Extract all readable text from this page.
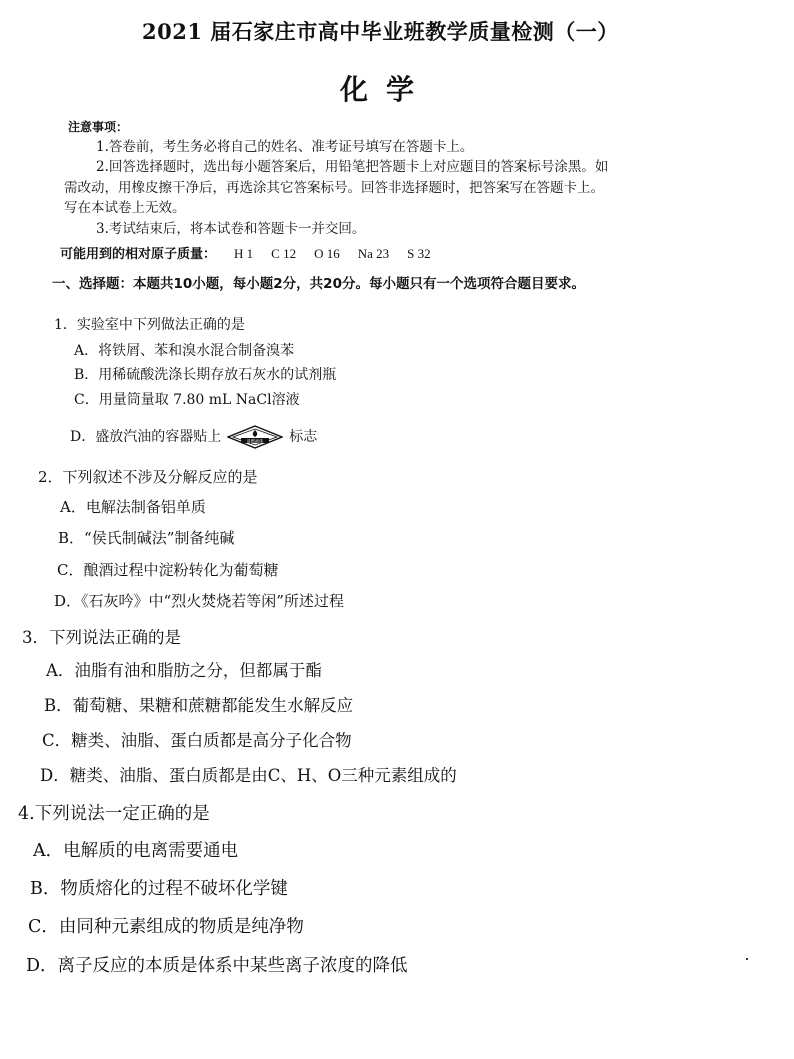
2021 届石家庄市高中毕业班教学质量检测（一）
化学
注意事项：
1.答卷前，考生务必将自己的姓名、准考证号填写在答题卡上。
2.回答选择题时，选出每小题答案后，用铅笔把答题卡上对应题目的答案标号涂黑。如
需改动，用橡皮擦干净后，再选涂其它答案标号。回答非选择题时，把答案写在答题卡上。
写在本试卷上无效。
3.考试结束后，将本试卷和答题卡一并交回。
可能用到的相对原子质量： H 1 C 12 O 16 Na 23 S 32
一、选择题：本题共10小题，每小题2分，共20分。每小题只有一个选项符合题目要求。
1．实验室中下列做法正确的是
A．将铁屑、苯和溴水混合制备溴苯
B．用稀硫酸洗涤长期存放石灰水的试剂瓶
C．用量筒量取 7.80 mL NaCl溶液
D．盛放汽油的容器贴上	易燃液体 标志
2．下列叙述不涉及分解反应的是
A．电解法制备铝单质
B．“侯氏制碱法”制备纯碱
C．酿酒过程中淀粉转化为葡萄糖
D．《石灰吟》中“烈火焚烧若等闲”所述过程
3．下列说法正确的是
A．油脂有油和脂肪之分，但都属于酯
B．葡萄糖、果糖和蔗糖都能发生水解反应
C．糖类、油脂、蛋白质都是高分子化合物
D．糖类、油脂、蛋白质都是由C、H、O三种元素组成的
4.下列说法一定正确的是
A．电解质的电离需要通电
B．物质熔化的过程不破坏化学键
C．由同种元素组成的物质是纯净物
D．离子反应的本质是体系中某些离子浓度的降低
